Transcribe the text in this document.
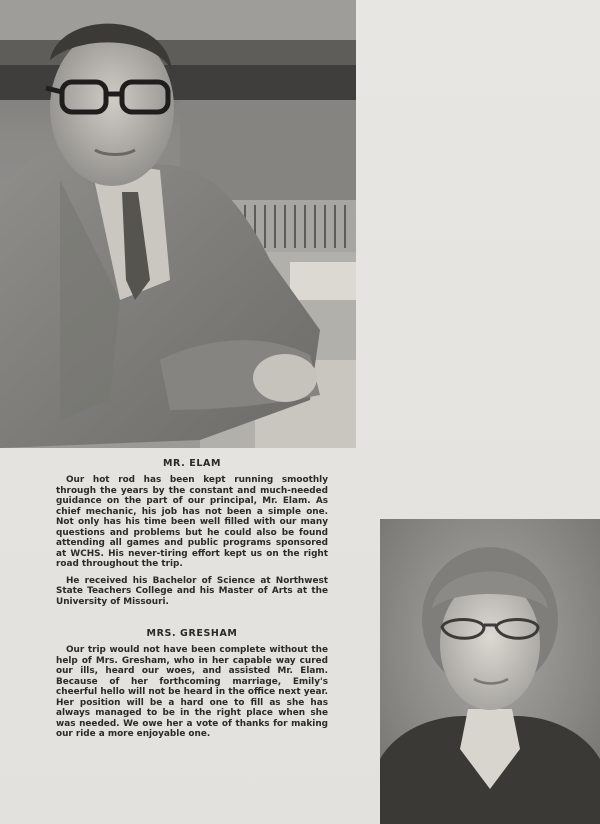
MR. ELAM

Our hot rod has been kept running smoothly through the years by the constant and much-needed guidance on the part of our principal, Mr. Elam. As chief mechanic, his job has not been a simple one. Not only has his time been well filled with our many questions and problems but he could also be found attending all games and public programs sponsored at WCHS. His never-tiring effort kept us on the right road throughout the trip.

He received his Bachelor of Science at Northwest State Teachers College and his Master of Arts at the University of Missouri.

MRS. GRESHAM

Our trip would not have been complete without the help of Mrs. Gresham, who in her capable way cured our ills, heard our woes, and assisted Mr. Elam. Because of her forthcoming marriage, Emily's cheerful hello will not be heard in the office next year. Her position will be a hard one to fill as she has always managed to be in the right place when she was needed. We owe her a vote of thanks for making our ride a more enjoyable one.
